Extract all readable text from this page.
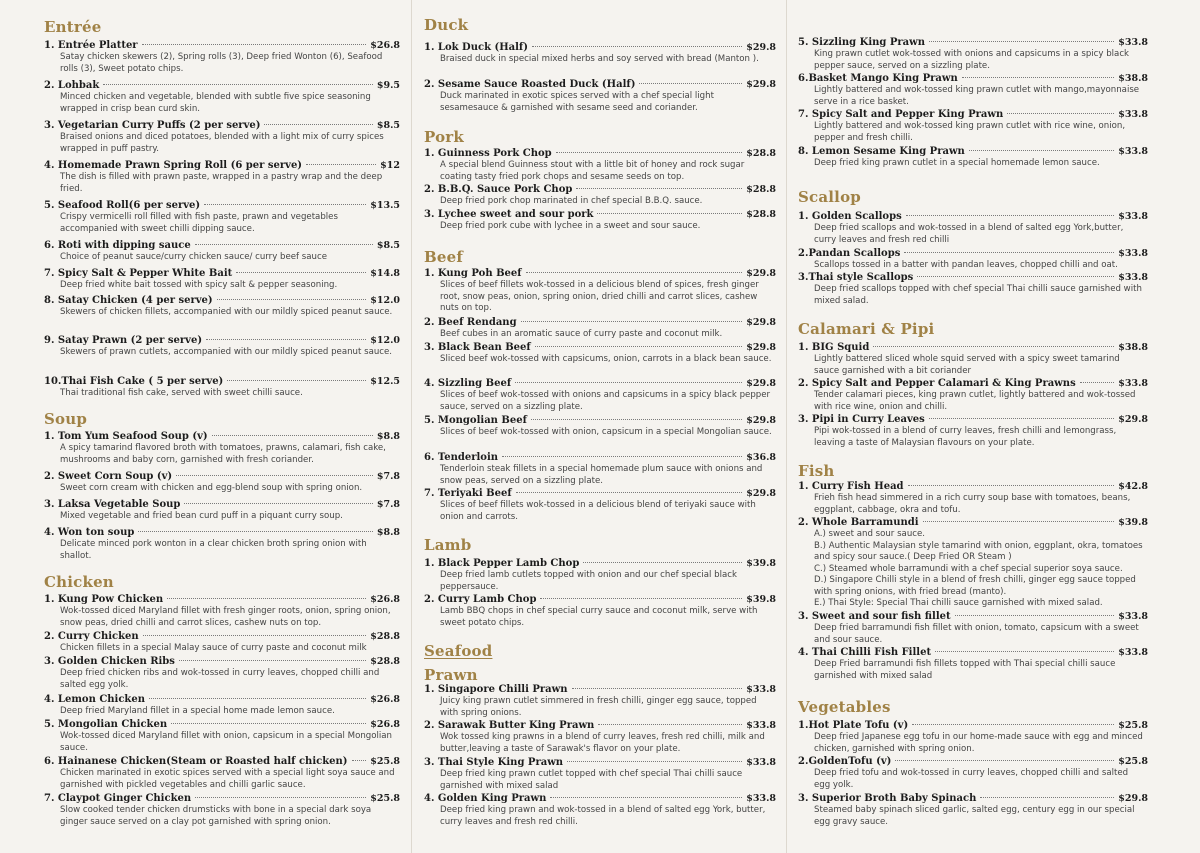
Entrée
1. Entrée Platter	$26.8
Satay chicken skewers (2), Spring rolls (3), Deep fried Wonton (6), Seafood rolls (3), Sweet potato chips.
2. Lohbak	$9.5
Minced chicken and vegetable, blended with subtle five spice seasoning wrapped in crisp bean curd skin.
3. Vegetarian Curry Puffs (2 per serve)	$8.5
Braised onions and diced potatoes, blended with a light mix of curry spices wrapped in puff pastry.
4. Homemade Prawn Spring Roll (6 per serve)	$12
The dish is filled with prawn paste, wrapped in a pastry wrap and the deep fried.
5. Seafood Roll(6 per serve)	$13.5
Crispy vermicelli roll filled with fish paste, prawn and vegetables accompanied with sweet chilli dipping sauce.
6. Roti with dipping sauce	$8.5
Choice of peanut sauce/curry chicken sauce/ curry beef sauce
7. Spicy Salt & Pepper White Bait	$14.8
Deep fried white bait tossed with spicy salt & pepper seasoning.
8. Satay Chicken (4 per serve)	$12.0
Skewers of chicken fillets, accompanied with our mildly spiced peanut sauce.
9. Satay Prawn (2 per serve)	$12.0
Skewers of prawn cutlets, accompanied with our mildly spiced peanut sauce.
10.Thai Fish Cake ( 5 per serve)	$12.5
Thai traditional fish cake, served with sweet chilli sauce.
Soup
1. Tom Yum Seafood Soup (v)	$8.8
A spicy tamarind flavored broth with tomatoes, prawns, calamari, fish cake, mushrooms and baby corn, garnished with fresh coriander.
2. Sweet Corn Soup (v)	$7.8
Sweet corn cream with chicken and egg-blend soup with spring onion.
3. Laksa Vegetable Soup	$7.8
Mixed vegetable and fried bean curd puff in a piquant curry soup.
4. Won ton soup	$8.8
Delicate minced pork wonton in a clear chicken broth spring onion with shallot.
Chicken
1. Kung Pow Chicken	$26.8
Wok-tossed diced Maryland fillet with fresh ginger roots, onion, spring onion, snow peas, dried chilli and carrot slices, cashew nuts on top.
2. Curry Chicken	$28.8
Chicken fillets in a special Malay sauce of curry paste and coconut milk
3. Golden Chicken Ribs	$28.8
Deep fried chicken ribs and wok-tossed in curry leaves, chopped chilli and salted egg yolk.
4. Lemon Chicken	$26.8
Deep fried Maryland fillet in a special home made lemon sauce.
5. Mongolian Chicken	$26.8
Wok-tossed diced Maryland fillet with onion, capsicum in a special Mongolian sauce.
6. Hainanese Chicken(Steam or Roasted half chicken) $25.8
Chicken marinated in exotic spices served with a special light soya sauce and garnished with pickled vegetables and chilli garlic sauce.
7. Claypot Ginger Chicken	$25.8
Slow cooked tender chicken drumsticks with bone in a special dark soya ginger sauce served on a clay pot garnished with spring onion.
Duck
1. Lok Duck (Half)	$29.8
Braised duck in special mixed herbs and soy served with bread (Manton ).
2. Sesame Sauce Roasted Duck (Half)	$29.8
Duck marinated in exotic spices served with a chef special light sesamesauce & garnished with sesame seed and coriander.
Pork
1. Guinness Pork Chop	$28.8
A special blend Guinness stout with a little bit of honey and rock sugar coating tasty fried pork chops and sesame seeds on top.
2. B.B.Q. Sauce Pork Chop	$28.8
Deep fried pork chop marinated in chef special B.B.Q. sauce.
3. Lychee sweet and sour pork	$28.8
Deep fried pork cube with lychee in a sweet and sour sauce.
Beef
1. Kung Poh Beef	$29.8
Slices of beef fillets wok-tossed in a delicious blend of spices, fresh ginger root, snow peas, onion, spring onion, dried chilli and carrot slices, cashew nuts on top.
2. Beef Rendang	$29.8
Beef cubes in an aromatic sauce of curry paste and coconut milk.
3. Black Bean Beef	$29.8
Sliced beef wok-tossed with capsicums, onion, carrots in a black bean sauce.
4. Sizzling Beef	$29.8
Slices of beef wok-tossed with onions and capsicums in a spicy black pepper sauce, served on a sizzling plate.
5. Mongolian Beef	$29.8
Slices of beef wok-tossed with onion, capsicum in a special Mongolian sauce.
6. Tenderloin	$36.8
Tenderloin steak fillets in a special homemade plum sauce with onions and snow peas, served on a sizzling plate.
7. Teriyaki Beef	$29.8
Slices of beef fillets wok-tossed in a delicious blend of teriyaki sauce with onion and carrots.
Lamb
1. Black Pepper Lamb Chop	$39.8
Deep fried lamb cutlets topped with onion and our chef special black peppersauce.
2. Curry Lamb Chop	$39.8
Lamb BBQ chops in chef special curry sauce and coconut milk, serve with sweet potato chips.
Seafood
Prawn
1. Singapore Chilli Prawn	$33.8
Juicy king prawn cutlet simmered in fresh chilli, ginger egg sauce, topped with spring onions.
2. Sarawak Butter King Prawn	$33.8
Wok tossed king prawns in a blend of curry leaves, fresh red chilli, milk and butter,leaving a taste of Sarawak's flavor on your plate.
3. Thai Style King Prawn	$33.8
Deep fried king prawn cutlet topped with chef special Thai chilli sauce garnished with mixed salad
4. Golden King Prawn	$33.8
Deep fried king prawn and wok-tossed in a blend of salted egg York, butter, curry leaves and fresh red chilli.
5. Sizzling King Prawn	$33.8
King prawn cutlet wok-tossed with onions and capsicums in a spicy black pepper sauce, served on a sizzling plate.
6.Basket Mango King Prawn	$38.8
Lightly battered and wok-tossed king prawn cutlet with mango,mayonnaise serve in a rice basket.
7. Spicy Salt and Pepper King Prawn	$33.8
Lightly battered and wok-tossed king prawn cutlet with rice wine, onion, pepper and fresh chilli.
8. Lemon Sesame King Prawn	$33.8
Deep fried king prawn cutlet in a special homemade lemon sauce.
Scallop
1. Golden Scallops	$33.8
Deep fried scallops and wok-tossed in a blend of salted egg York,butter, curry leaves and fresh red chilli
2.Pandan Scallops	$33.8
Scallops tossed in a batter with pandan leaves, chopped chilli and oat.
3.Thai style Scallops	$33.8
Deep fried scallops topped with chef special Thai chilli sauce garnished with mixed salad.
Calamari & Pipi
1. BIG Squid	$38.8
Lightly battered sliced whole squid served with a spicy sweet tamarind sauce garnished with a bit coriander
2. Spicy Salt and Pepper Calamari & King Prawns	$33.8
Tender calamari pieces, king prawn cutlet, lightly battered and wok-tossed with rice wine, onion and chilli.
3. Pipi in Curry Leaves	$29.8
Pipi wok-tossed in a blend of curry leaves, fresh chilli and lemongrass, leaving a taste of Malaysian flavours on your plate.
Fish
1. Curry Fish Head	$42.8
Frieh fish head simmered in a rich curry soup base with tomatoes, beans, eggplant, cabbage, okra and tofu.
2. Whole Barramundi	$39.8
A.) sweet and sour sauce.
B.) Authentic Malaysian style tamarind with onion, eggplant, okra, tomatoes and spicy sour sauce.( Deep Fried OR Steam )
C.) Steamed whole barramundi with a chef special superior soya sauce.
D.) Singapore Chilli style in a blend of fresh chilli, ginger egg sauce topped with spring onions, with fried bread (manto).
E.) Thai Style: Special Thai chilli sauce garnished with mixed salad.
3. Sweet and sour fish fillet	$33.8
Deep fried barramundi fish fillet with onion, tomato, capsicum with a sweet and sour sauce.
4. Thai Chilli Fish Fillet	$33.8
Deep Fried barramundi fish fillets topped with Thai special chilli sauce garnished with mixed salad
Vegetables
1.Hot Plate Tofu (v)	$25.8
Deep fried Japanese egg tofu in our home-made sauce with egg and minced chicken, garnished with spring onion.
2.GoldenTofu (v)	$25.8
Deep fried tofu and wok-tossed in curry leaves, chopped chilli and salted egg yolk.
3. Superior Broth Baby Spinach	$29.8
Steamed baby spinach sliced garlic, salted egg, century egg in our special egg gravy sauce.
